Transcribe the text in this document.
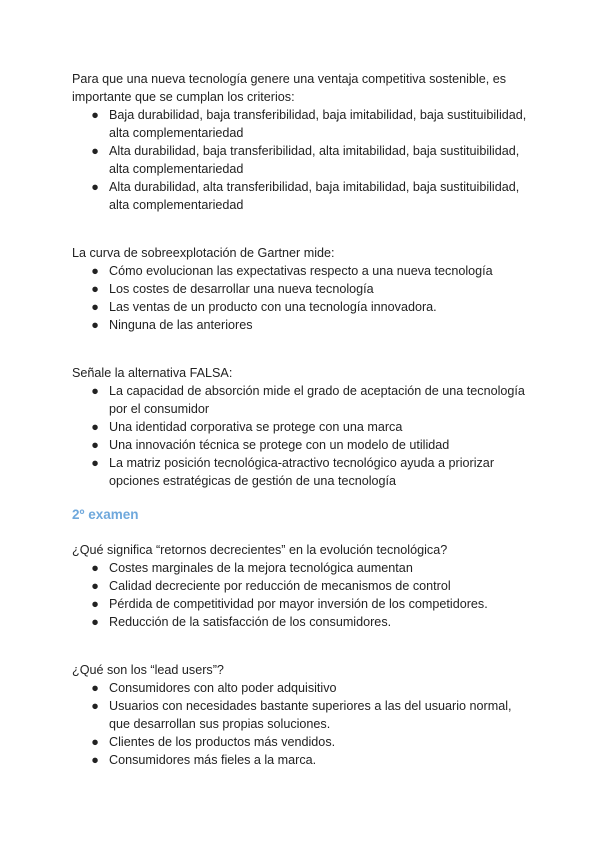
Para que una nueva tecnología genere una ventaja competitiva sostenible, es importante que se cumplan los criterios:

● Baja durabilidad, baja transferibilidad, baja imitabilidad, baja sustituibilidad, alta complementariedad
● Alta durabilidad, baja transferibilidad, alta imitabilidad, baja sustituibilidad, alta complementariedad
● Alta durabilidad, alta transferibilidad, baja imitabilidad, baja sustituibilidad, alta complementariedad

La curva de sobreexplotación de Gartner mide:

● Cómo evolucionan las expectativas respecto a una nueva tecnología
● Los costes de desarrollar una nueva tecnología
● Las ventas de un producto con una tecnología innovadora.
● Ninguna de las anteriores

Señale la alternativa FALSA:

● La capacidad de absorción mide el grado de aceptación de una tecnología por el consumidor
● Una identidad corporativa se protege con una marca
● Una innovación técnica se protege con un modelo de utilidad
● La matriz posición tecnológica-atractivo tecnológico ayuda a priorizar opciones estratégicas de gestión de una tecnología
2º examen

¿Qué significa “retornos decrecientes” en la evolución tecnológica?

● Costes marginales de la mejora tecnológica aumentan
● Calidad decreciente por reducción de mecanismos de control
● Pérdida de competitividad por mayor inversión de los competidores.
● Reducción de la satisfacción de los consumidores.

¿Qué son los “lead users”?

● Consumidores con alto poder adquisitivo
● Usuarios con necesidades bastante superiores a las del usuario normal, que desarrollan sus propias soluciones.
● Clientes de los productos más vendidos.
● Consumidores más fieles a la marca.
